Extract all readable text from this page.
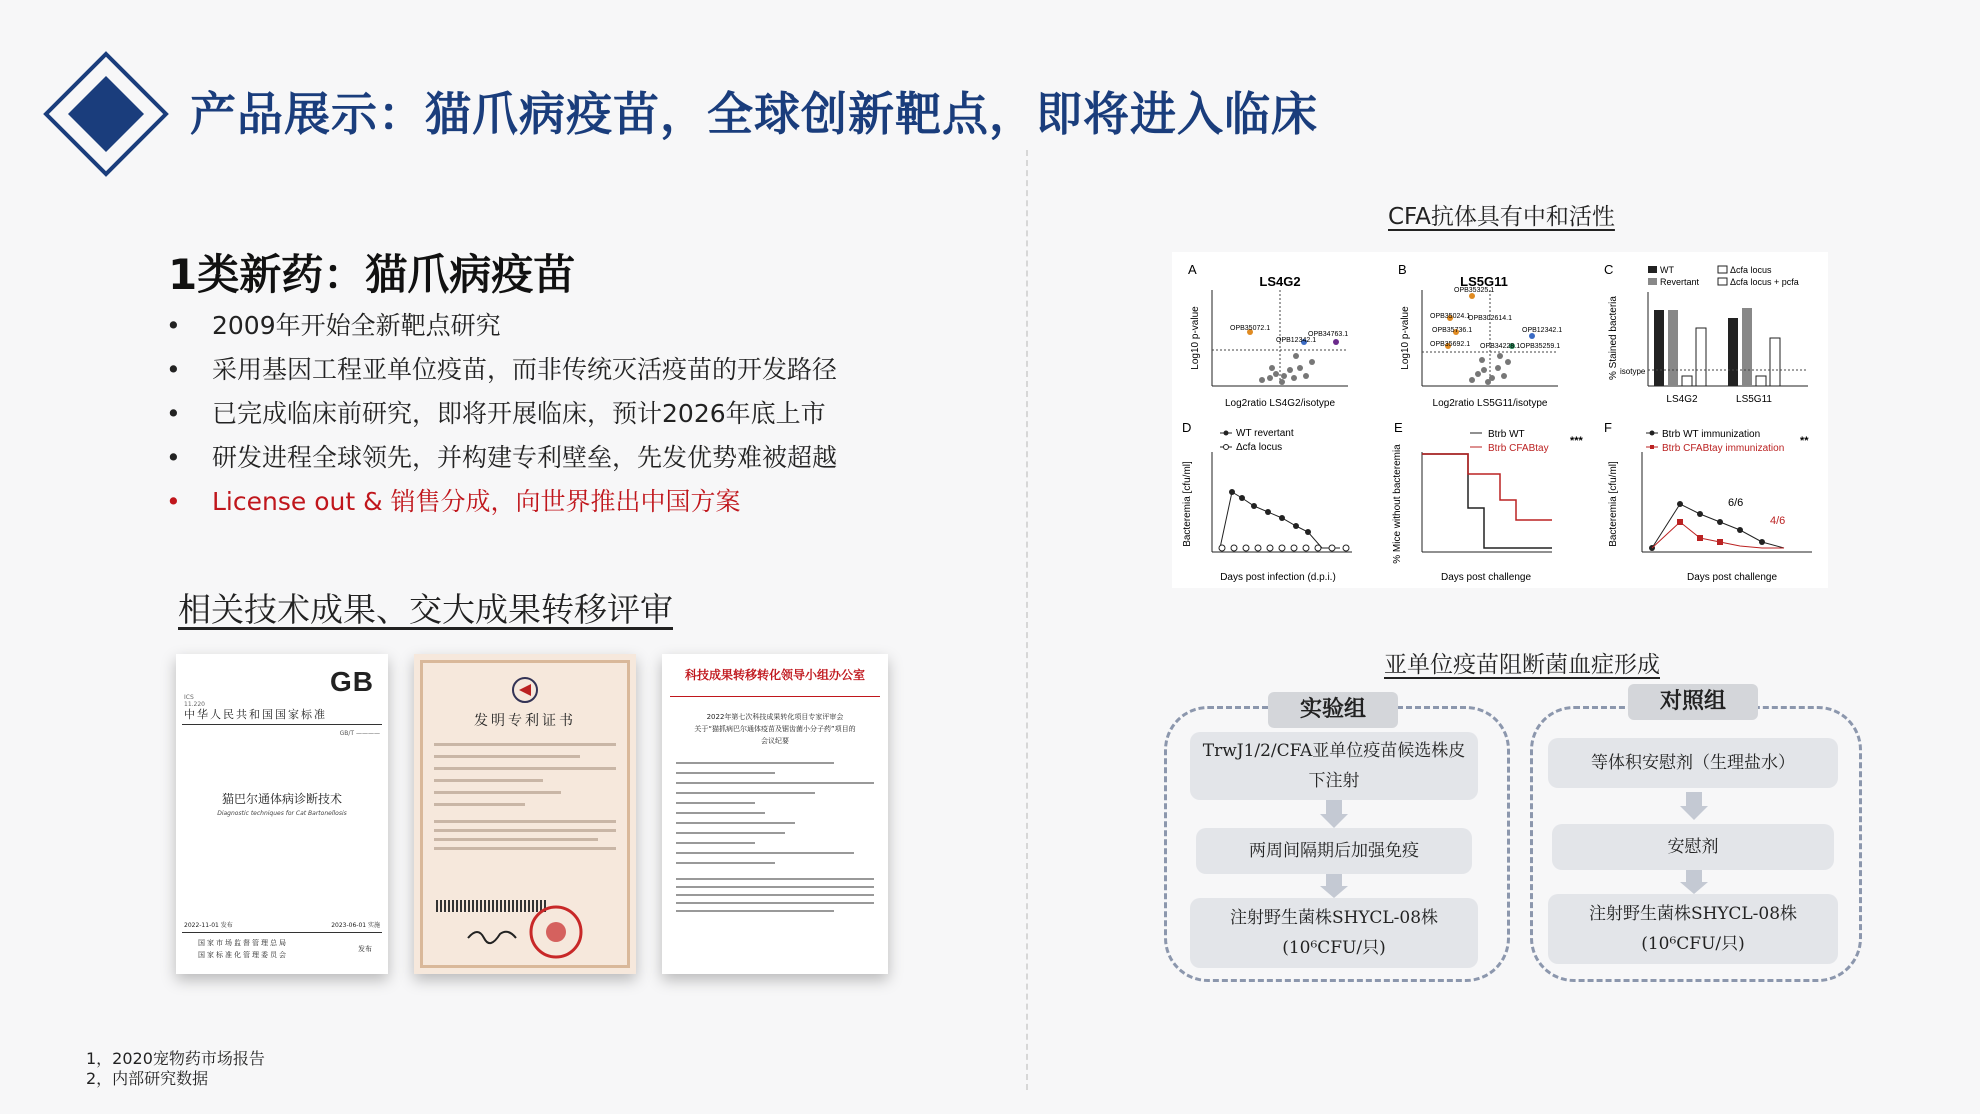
产品展示：猫爪病疫苗，全球创新靶点，即将进入临床
1类新药：猫爪病疫苗
• 2009年开始全新靶点研究
• 采用基因工程亚单位疫苗，而非传统灭活疫苗的开发路径
• 已完成临床前研究，即将开展临床，预计2026年底上市
• 研发进程全球领先，并构建专利壁垒，先发优势难被超越
• License out & 销售分成，向世界推出中国方案
相关技术成果、交大成果转移评审
GB
ICS 11.220
中华人民共和国国家标准
GB/T ————
猫巴尔通体病诊断技术
Diagnostic techniques for Cat Bartonellosis
2022-11-01 发布	2023-06-01 实施
国家市场监督管理总局
国家标准化管理委员会
发布
发明专利证书
科技成果转移转化领导小组办公室
2022年第七次科技成果转化项目专家评审会
关于“猫抓病巴尔通体疫苗及锯齿菌小分子药”项目的
会议纪要
1，2020宠物药市场报告
2，内部研究数据
CFA抗体具有中和活性
A
LS4G2
OPB35072.1
OPB12342.1
OPB34763.1
Log2ratio LS4G2/isotype
Log10 p-value
B
LS5G11
OPB35325.1
OPB35024.1
OPB302614.1
OPB35736.1	OPB12342.1
OPB35692.1 OPB34228.1 OPB35259.1
Log2ratio LS5G11/isotype
Log10 p-value
C	WT
Revertant
Δcfa locus
Δcfa locus + pcfa
isotype
LS4G2	LS5G11
% Stained bacteria
D	WT revertant
Δcfa locus
Days post infection (d.p.i.)
Bacteremia [cfu/ml]
E	Btrb WT
Btrb CFABtay
***
Days post challenge
% Mice without bacteremia
F	Btrb WT immunization
Btrb CFABtay immunization
**
6/6
4/6
Days post challenge
Bacteremia [cfu/ml]
亚单位疫苗阻断菌血症形成
实验组
TrwJ1/2/CFA亚单位疫苗候选株皮下注射
两周间隔期后加强免疫
注射野生菌株SHYCL-08株
(10⁶CFU/只)
对照组
等体积安慰剂（生理盐水）
安慰剂
注射野生菌株SHYCL-08株
(10⁶CFU/只)
